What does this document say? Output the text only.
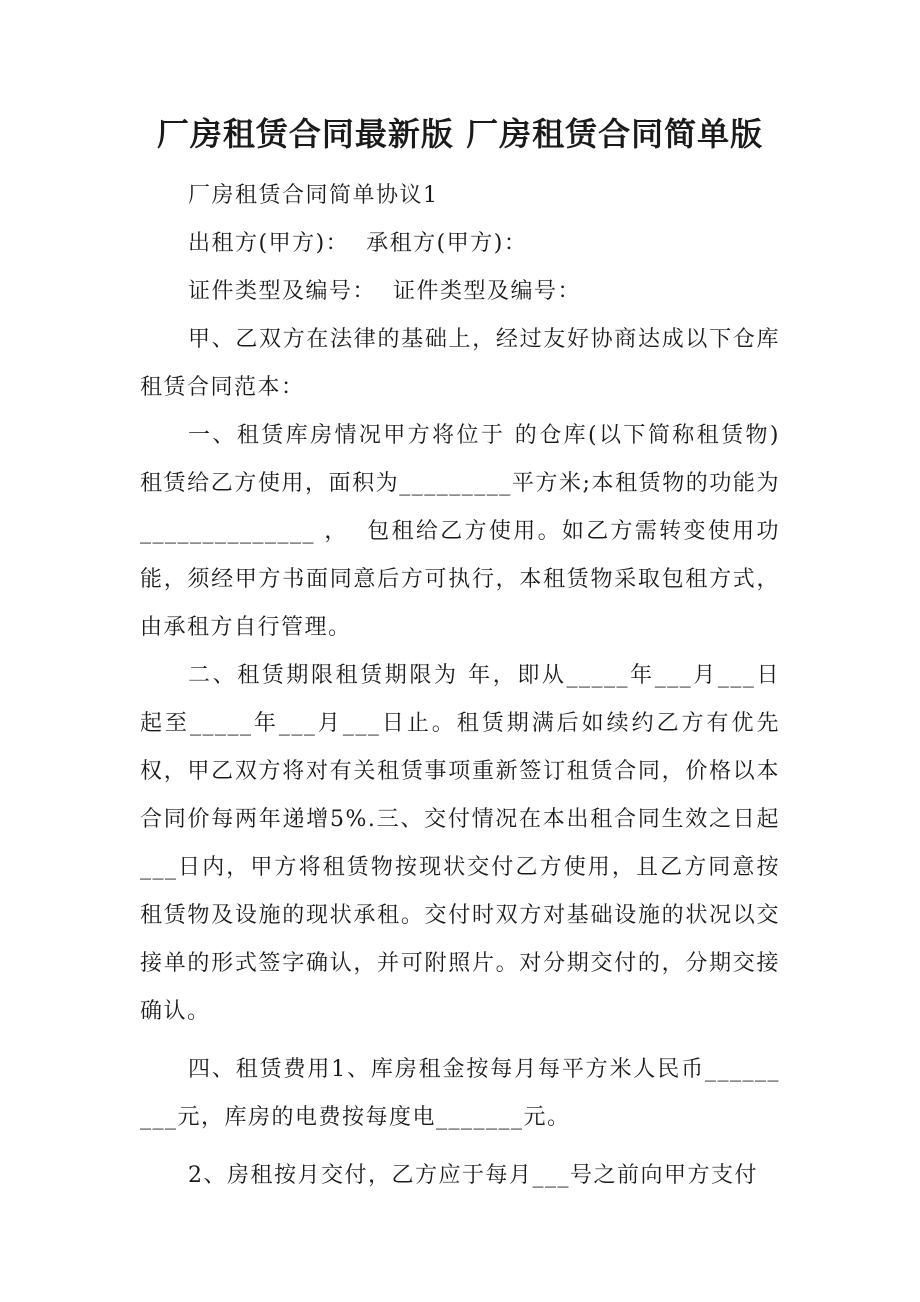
厂房租赁合同最新版 厂房租赁合同简单版

厂房租赁合同简单协议1

出租方(甲方)：  承租方(甲方)：

证件类型及编号：  证件类型及编号：

甲、乙双方在法律的基础上，经过友好协商达成以下仓库租赁合同范本：

一、租赁库房情况甲方将位于 的仓库(以下简称租赁物)租赁给乙方使用，面积为_________平方米;本租赁物的功能为______________ ，  包租给乙方使用。如乙方需转变使用功能，须经甲方书面同意后方可执行，本租赁物采取包租方式，由承租方自行管理。

二、租赁期限租赁期限为 年，即从_____年___月___日起至_____年___月___日止。租赁期满后如续约乙方有优先权，甲乙双方将对有关租赁事项重新签订租赁合同，价格以本合同价每两年递增5%.三、交付情况在本出租合同生效之日起___日内，甲方将租赁物按现状交付乙方使用，且乙方同意按租赁物及设施的现状承租。交付时双方对基础设施的状况以交接单的形式签字确认，并可附照片。对分期交付的，分期交接确认。

四、租赁费用1、库房租金按每月每平方米人民币_________元，库房的电费按每度电_______元。

2、房租按月交付，乙方应于每月___号之前向甲方支付
